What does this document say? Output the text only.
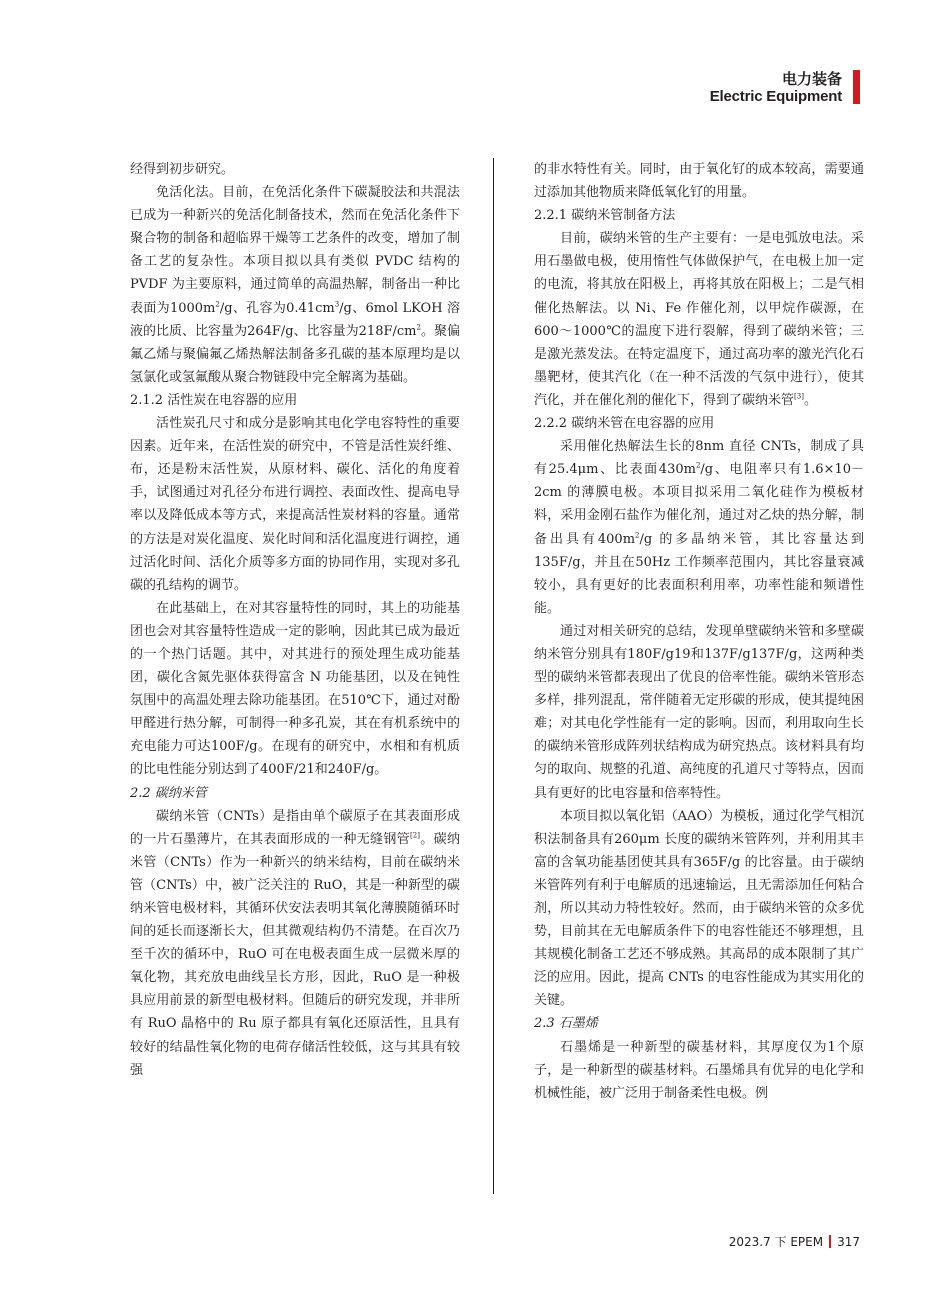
电力装备
Electric Equipment

经得到初步研究。

免活化法。目前，在免活化条件下碳凝胶法和共混法已成为一种新兴的免活化制备技术，然而在免活化条件下聚合物的制备和超临界干燥等工艺条件的改变，增加了制备工艺的复杂性。本项目拟以具有类似 PVDC 结构的 PVDF 为主要原料，通过简单的高温热解，制备出一种比表面为$1000m^2/g$、孔容为$0.41cm^3/g$、6mol LKOH 溶液的比质、比容量为264F/g、比容量为$218F/cm^2$。聚偏氟乙烯与聚偏氟乙烯热解法制备多孔碳的基本原理均是以氢氯化或氢氟酸从聚合物链段中完全解离为基础。

2.1.2 活性炭在电容器的应用

活性炭孔尺寸和成分是影响其电化学电容特性的重要因素。近年来，在活性炭的研究中，不管是活性炭纤维、布，还是粉末活性炭，从原材料、碳化、活化的角度着手，试图通过对孔径分布进行调控、表面改性、提高电导率以及降低成本等方式，来提高活性炭材料的容量。通常的方法是对炭化温度、炭化时间和活化温度进行调控，通过活化时间、活化介质等多方面的协同作用，实现对多孔碳的孔结构的调节。

在此基础上，在对其容量特性的同时，其上的功能基团也会对其容量特性造成一定的影响，因此其已成为最近的一个热门话题。其中，对其进行的预处理生成功能基团，碳化含氮先驱体获得富含 N 功能基团，以及在钝性氛围中的高温处理去除功能基团。在510℃下，通过对酚甲醛进行热分解，可制得一种多孔炭，其在有机系统中的充电能力可达100F/g。在现有的研究中，水相和有机质的比电性能分别达到了400F/21和240F/g。

2.2 碳纳米管

碳纳米管（CNTs）是指由单个碳原子在其表面形成的一片石墨薄片，在其表面形成的一种无缝钢管[2]。碳纳米管（CNTs）作为一种新兴的纳米结构，目前在碳纳米管（CNTs）中，被广泛关注的 RuO，其是一种新型的碳纳米管电极材料，其循环伏安法表明其氧化薄膜随循环时间的延长而逐渐长大，但其微观结构仍不清楚。在百次乃至千次的循环中，RuO 可在电极表面生成一层微米厚的氧化物，其充放电曲线呈长方形，因此，RuO 是一种极具应用前景的新型电极材料。但随后的研究发现，并非所有 RuO 晶格中的 Ru 原子都具有氧化还原活性，且具有较好的结晶性氧化物的电荷存储活性较低，这与其具有较强

的非水特性有关。同时，由于氧化钌的成本较高，需要通过添加其他物质来降低氧化钌的用量。

2.2.1 碳纳米管制备方法

目前，碳纳米管的生产主要有：一是电弧放电法。采用石墨做电极，使用惰性气体做保护气，在电极上加一定的电流，将其放在阳极上，再将其放在阳极上；二是气相催化热解法。以 Ni、Fe 作催化剂，以甲烷作碳源，在600～1000℃的温度下进行裂解，得到了碳纳米管；三是激光蒸发法。在特定温度下，通过高功率的激光汽化石墨靶材，使其汽化（在一种不活泼的气氛中进行），使其汽化，并在催化剂的催化下，得到了碳纳米管[3]。

2.2.2 碳纳米管在电容器的应用

采用催化热解法生长的8nm 直径 CNTs，制成了具有25.4μm、比表面$430m^2/g$、电阻率只有1.6×10－2cm 的薄膜电极。本项目拟采用二氧化硅作为模板材料，采用金刚石盐作为催化剂，通过对乙炔的热分解，制备出具有$400m^2/g$ 的多晶纳米管，其比容量达到135F/g，并且在50Hz 工作频率范围内，其比容量衰减较小，具有更好的比表面积利用率，功率性能和频谱性能。

通过对相关研究的总结，发现单壁碳纳米管和多壁碳纳米管分别具有180F/g19和137F/g137F/g，这两种类型的碳纳米管都表现出了优良的倍率性能。碳纳米管形态多样，排列混乱，常伴随着无定形碳的形成，使其提纯困难；对其电化学性能有一定的影响。因而，利用取向生长的碳纳米管形成阵列状结构成为研究热点。该材料具有均匀的取向、规整的孔道、高纯度的孔道尺寸等特点，因而具有更好的比电容量和倍率特性。

本项目拟以氧化铝（AAO）为模板，通过化学气相沉积法制备具有260μm 长度的碳纳米管阵列，并利用其丰富的含氧功能基团使其具有365F/g 的比容量。由于碳纳米管阵列有利于电解质的迅速输运，且无需添加任何粘合剂，所以其动力特性较好。然而，由于碳纳米管的众多优势，目前其在无电解质条件下的电容性能还不够理想，且其规模化制备工艺还不够成熟。其高昂的成本限制了其广泛的应用。因此，提高 CNTs 的电容性能成为其实用化的关键。

2.3 石墨烯

石墨烯是一种新型的碳基材料，其厚度仅为1个原子，是一种新型的碳基材料。石墨烯具有优异的电化学和机械性能，被广泛用于制备柔性电极。例

2023.7 下 EPEM 317
